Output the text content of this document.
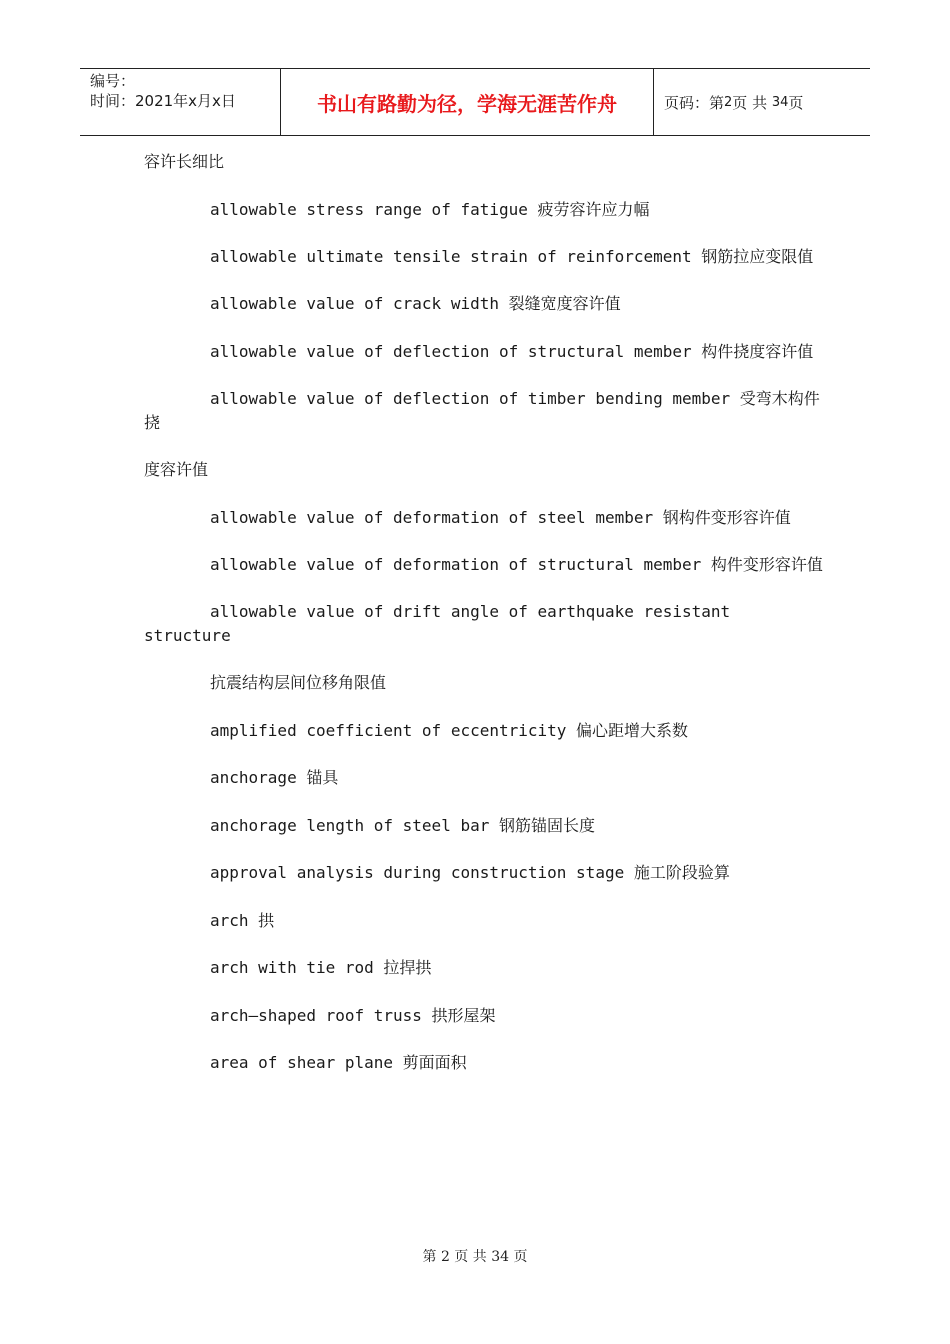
编号：
时间：2021年x月x日	书山有路勤为径，学海无涯苦作舟	页码：第 2 页 共
34 页

容许长细比

allowable stress range of fatigue 疲劳容许应力幅

allowable ultimate tensile strain of reinforcement 钢筋拉应变限值

allowable value of crack width 裂缝宽度容许值

allowable value of deflection of structural member 构件挠度容许值

allowable value of deflection of timber bending member 受弯木构件挠

度容许值

allowable value of deformation of steel member 钢构件变形容许值

allowable value of deformation of structural member 构件变形容许值

allowable value of drift angle of earthquake resistant structure

抗震结构层间位移角限值

amplified coefficient of eccentricity 偏心距增大系数

anchorage 锚具

anchorage length of steel bar 钢筋锚固长度

approval analysis during construction stage 施工阶段验算

arch 拱

arch with tie rod 拉捍拱

arch—shaped roof truss 拱形屋架

area of shear plane 剪面面积

第 2 页 共 34 页
